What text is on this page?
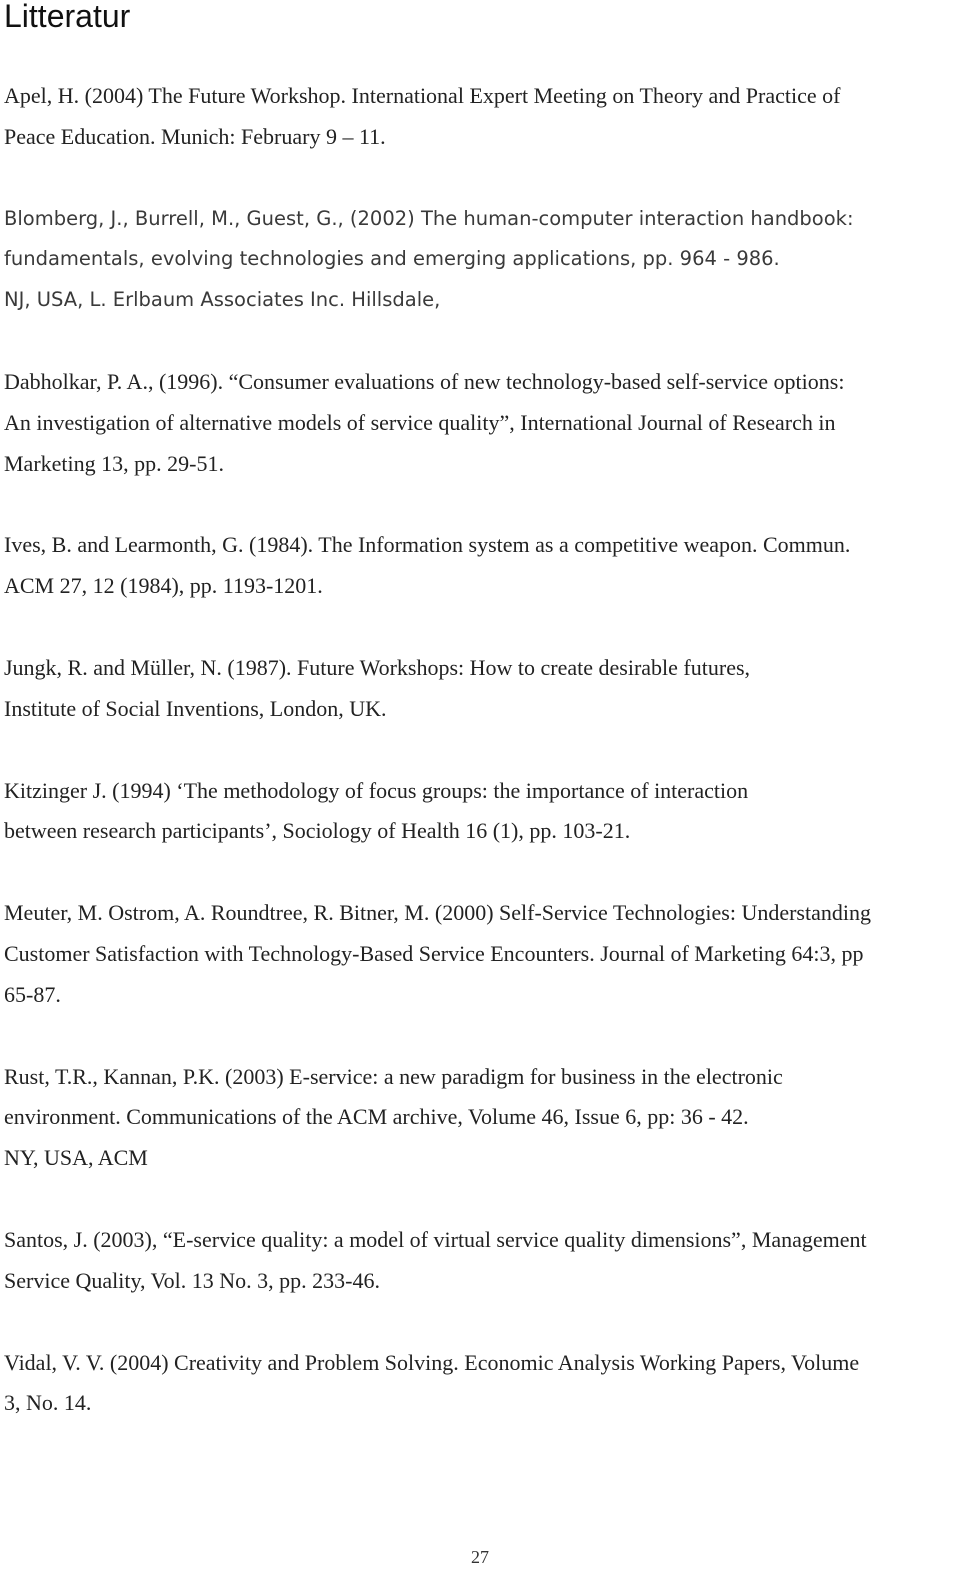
Litteratur
Apel, H. (2004) The Future Workshop. International Expert Meeting on Theory and Practice of
Peace Education. Munich: February 9 – 11.
Blomberg, J., Burrell, M., Guest, G., (2002) The human-computer interaction handbook:
fundamentals, evolving technologies and emerging applications, pp. 964 - 986.
NJ, USA, L. Erlbaum Associates Inc. Hillsdale,
Dabholkar, P. A., (1996). “Consumer evaluations of new technology-based self-service options:
An investigation of alternative models of service quality”, International Journal of Research in
Marketing 13, pp. 29-51.
Ives, B. and Learmonth, G. (1984). The Information system as a competitive weapon. Commun.
ACM 27, 12 (1984), pp. 1193-1201.
Jungk, R. and Müller, N. (1987). Future Workshops: How to create desirable futures,
Institute of Social Inventions, London, UK.
Kitzinger J. (1994) ‘The methodology of focus groups: the importance of interaction
between research participants’, Sociology of Health 16 (1), pp. 103-21.
Meuter, M. Ostrom, A. Roundtree, R. Bitner, M. (2000) Self-Service Technologies: Understanding
Customer Satisfaction with Technology-Based Service Encounters. Journal of Marketing 64:3, pp
65-87.
Rust, T.R., Kannan, P.K. (2003) E-service: a new paradigm for business in the electronic
environment. Communications of the ACM archive, Volume 46, Issue 6, pp: 36 - 42.
NY, USA, ACM
Santos, J. (2003), “E-service quality: a model of virtual service quality dimensions”, Management
Service Quality, Vol. 13 No. 3, pp. 233-46.
Vidal, V. V. (2004) Creativity and Problem Solving. Economic Analysis Working Papers, Volume
3, No. 14.
27
